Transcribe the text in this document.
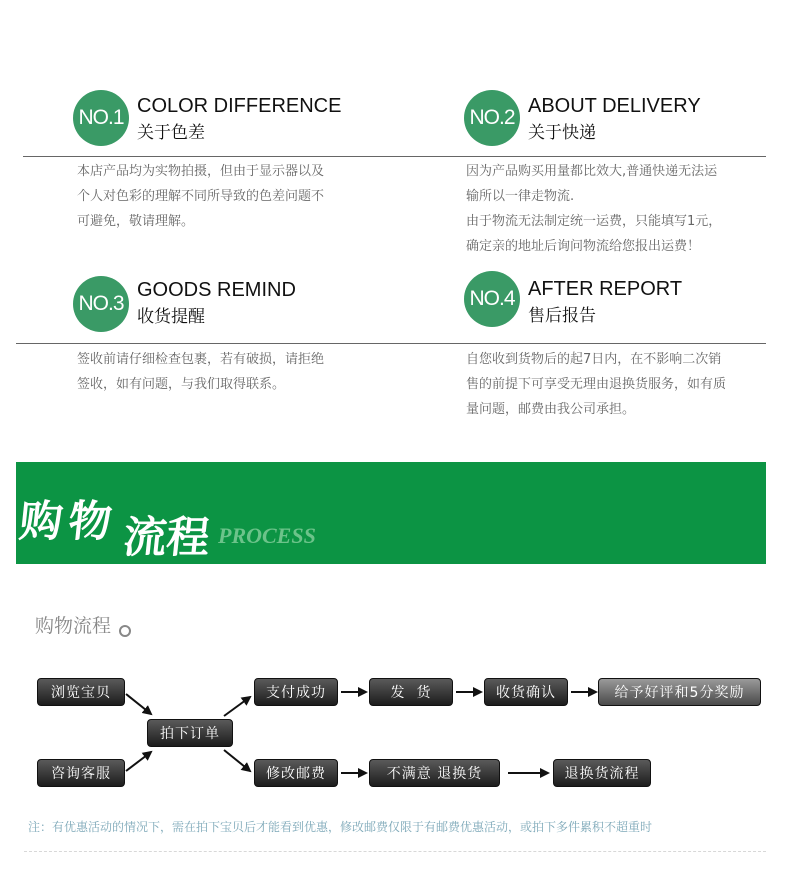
NO.1 COLOR DIFFERENCE
关于色差
本店产品均为实物拍摄，但由于显示器以及
个人对色彩的理解不同所导致的色差问题不
可避免，敬请理解。
NO.2 ABOUT DELIVERY
关于快递
因为产品购买用量都比效大,普通快递无法运
输所以一律走物流.
由于物流无法制定统一运费，只能填写1元，
确定亲的地址后询问物流给您报出运费！
NO.3
GOODS REMIND
收货提醒
签收前请仔细检查包裹，若有破损，请拒绝
签收，如有问题，与我们取得联系。
NO.4 AFTER REPORT
售后报告
自您收到货物后的起7日内，在不影响二次销
售的前提下可享受无理由退换货服务，如有质
量问题，邮费由我公司承担。
购物 流程 PROCESS
购物流程
浏览宝贝
咨询客服
拍下订单
支付成功	发  货	收货确认	给予好评和5分奖励
修改邮费	不满意 退换货	退换货流程
注：有优惠活动的情况下，需在拍下宝贝后才能看到优惠，修改邮费仅限于有邮费优惠活动，或拍下多件累积不超重时
